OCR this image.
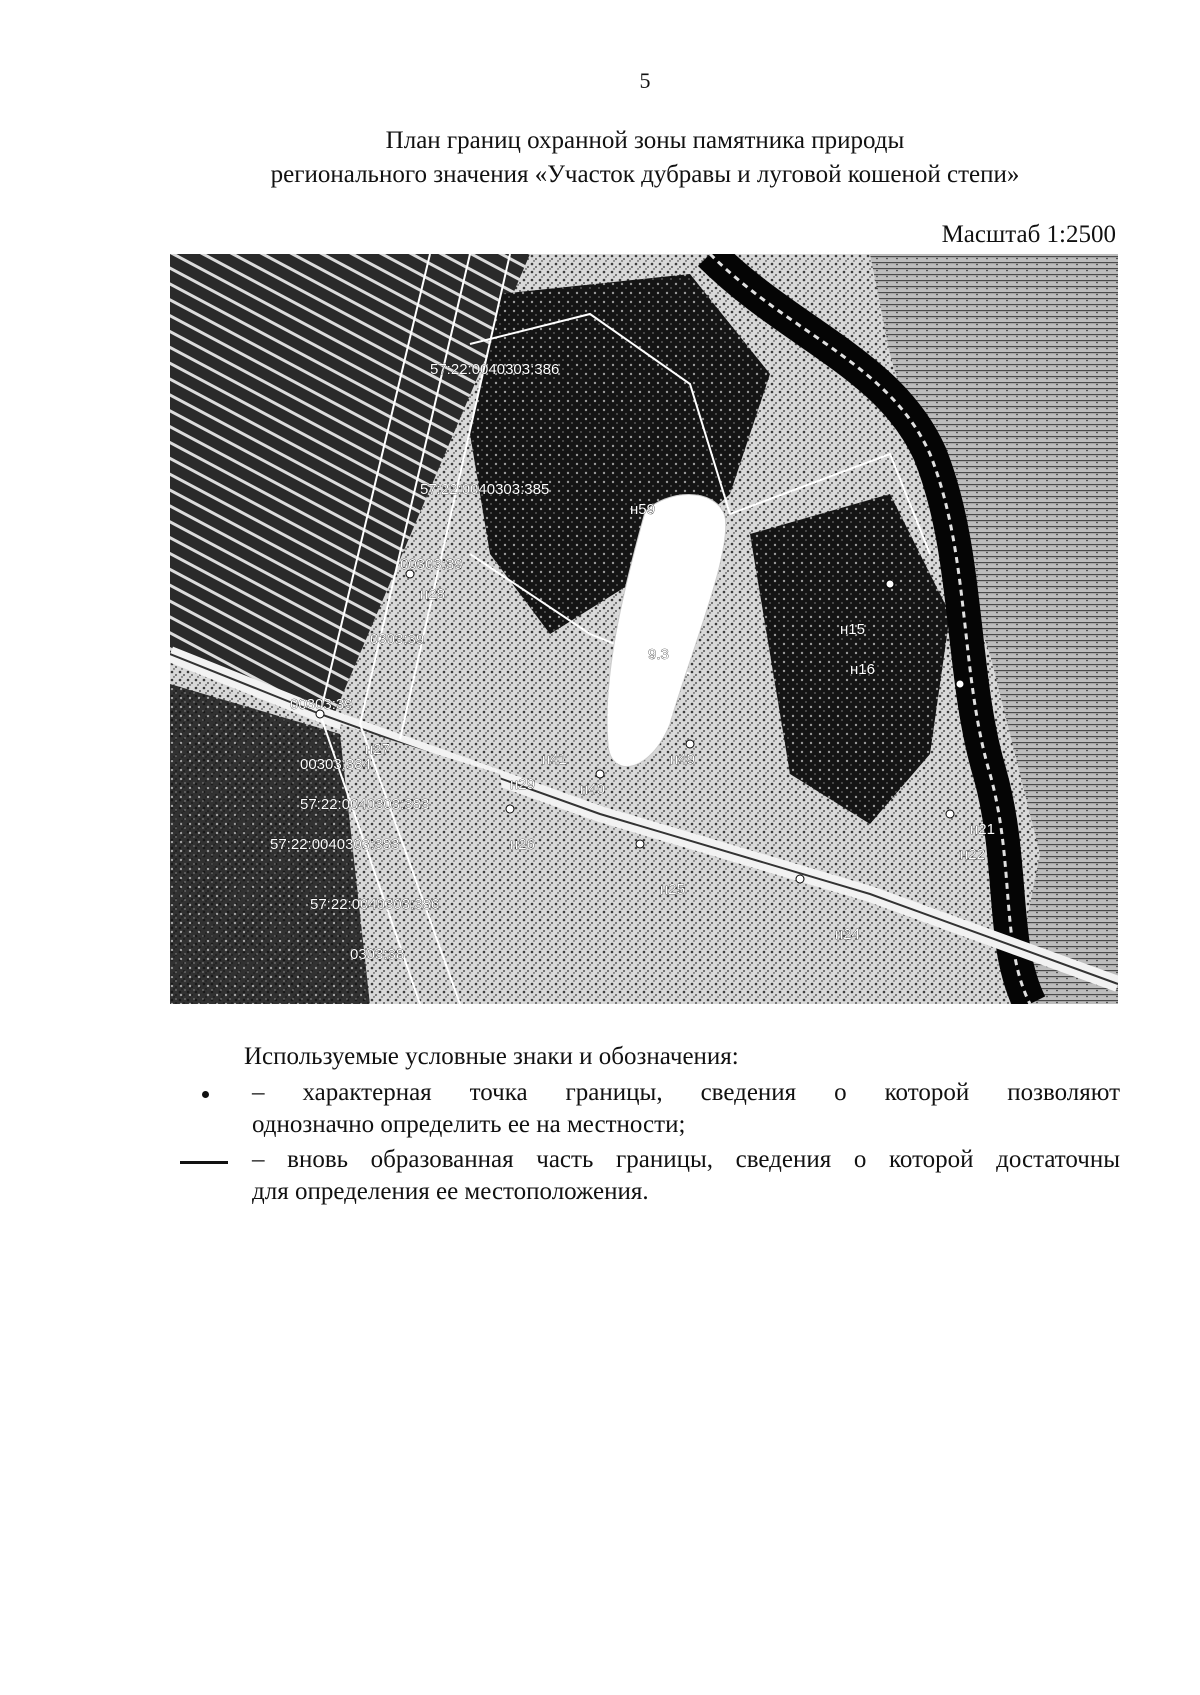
5
План границ охранной зоны памятника природы
регионального значения «Участок дубравы и луговой кошеной степи»
Масштаб 1:2500
9.3
57:22:0040303:385
00303:39
0303:39
00303:39
00303:384
57:22:0040303:383
57:22:0040303:383
57:22:0040303:386
0303:38
57:22:0040303:386
н26
н25
н22
н21
н24
н27
н28
н29	н40
н41	н49
н59
н15
н16
Используемые условные знаки и обозначения:
– характерная точка границы, сведения о которой позволяют
однозначно определить ее на местности;
– вновь образованная часть границы, сведения о которой достаточны
для определения ее местоположения.
